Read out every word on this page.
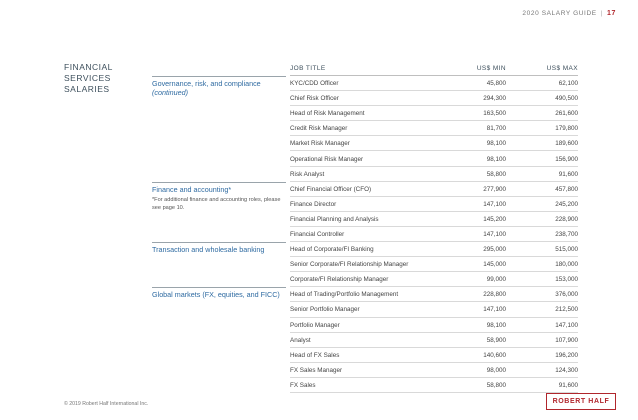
2020 SALARY GUIDE | 17
FINANCIAL
SERVICES
SALARIES
JOB TITLE	US$ MIN	US$ MAX
Governance, risk, and compliance
(continued)
KYC/CDD Officer	45,800	62,100
Chief Risk Officer	294,300	490,500
Head of Risk Management	163,500	261,600
Credit Risk Manager	81,700	179,800
Market Risk Manager	98,100	189,600
Operational Risk Manager	98,100	156,900
Risk Analyst	58,800	91,600
Finance and accounting*
*For additional finance and accounting roles, please see page 10.
Chief Financial Officer (CFO)	277,900	457,800
Finance Director	147,100	245,200
Financial Planning and Analysis	145,200	228,900
Financial Controller	147,100	238,700
Transaction and wholesale banking	Head of Corporate/FI Banking	295,000	515,000
Senior Corporate/FI Relationship Manager	145,000	180,000
Corporate/FI Relationship Manager	99,000	153,000
Global markets (FX, equities, and FICC)	Head of Trading/Portfolio Management	228,800	376,000
Senior Portfolio Manager	147,100	212,500
Portfolio Manager	98,100	147,100
Analyst	58,900	107,900
Head of FX Sales	140,600	196,200
FX Sales Manager	98,000	124,300
FX Sales	58,800	91,600
© 2019 Robert Half International Inc.	ROBERT HALF
